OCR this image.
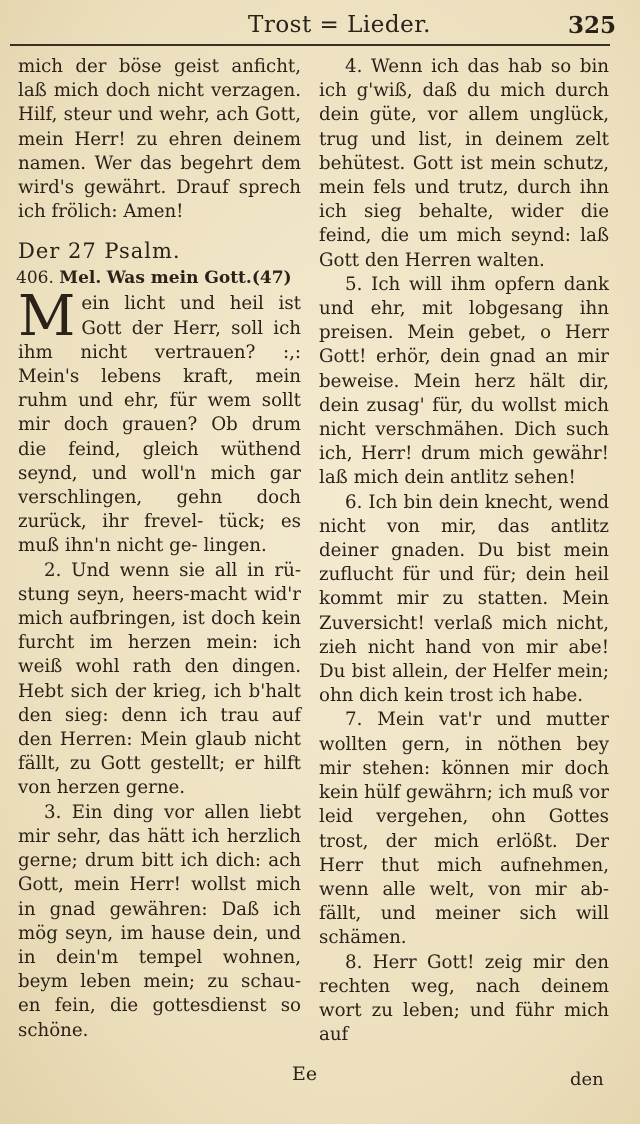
Trost = Lieder.	325

mich der böse geist anficht, laß mich doch nicht verzagen. Hilf, steur und wehr, ach Gott, mein Herr! zu ehren deinem namen. Wer das begehrt dem wird's gewährt. Drauf sprech ich frölich: Amen!

Der 27 Psalm.

406. Mel. Was mein Gott.(47)

Mein licht und heil ist Gott der Herr, soll ich ihm nicht vertrauen? :,: Mein's lebens kraft, mein ruhm und ehr, für wem sollt mir doch grauen? Ob drum die feind, gleich wüthend seynd, und woll'n mich gar verschlingen, gehn doch zurück, ihr frevel- tück; es muß ihn'n nicht ge- lingen.

2. Und wenn sie all in rü- stung seyn, heers-macht wid'r mich aufbringen, ist doch kein furcht im herzen mein: ich weiß wohl rath den dingen. Hebt sich der krieg, ich b'halt den sieg: denn ich trau auf den Herren: Mein glaub nicht fällt, zu Gott gestellt; er hilft von herzen gerne.

3. Ein ding vor allen liebt mir sehr, das hätt ich herzlich gerne; drum bitt ich dich: ach Gott, mein Herr! wollst mich in gnad gewähren: Daß ich mög seyn, im hause dein, und in dein'm tempel wohnen, beym leben mein; zu schau- en fein, die gottesdienst so schöne.

4. Wenn ich das hab so bin ich g'wiß, daß du mich durch dein güte, vor allem unglück, trug und list, in deinem zelt behütest. Gott ist mein schutz, mein fels und trutz, durch ihn ich sieg behalte, wider die feind, die um mich seynd: laß Gott den Herren walten.

5. Ich will ihm opfern dank und ehr, mit lobgesang ihn preisen. Mein gebet, o Herr Gott! erhör, dein gnad an mir beweise. Mein herz hält dir, dein zusag' für, du wollst mich nicht verschmähen. Dich such ich, Herr! drum mich gewähr! laß mich dein antlitz sehen!

6. Ich bin dein knecht, wend nicht von mir, das antlitz deiner gnaden. Du bist mein zuflucht für und für; dein heil kommt mir zu statten. Mein Zuversicht! verlaß mich nicht, zieh nicht hand von mir abe! Du bist allein, der Helfer mein; ohn dich kein trost ich habe.

7. Mein vat'r und mutter wollten gern, in nöthen bey mir stehen: können mir doch kein hülf gewährn; ich muß vor leid vergehen, ohn Gottes trost, der mich erlößt. Der Herr thut mich aufnehmen, wenn alle welt, von mir ab- fällt, und meiner sich will schämen.

8. Herr Gott! zeig mir den rechten weg, nach deinem wort zu leben; und führ mich auf

Ee	den
